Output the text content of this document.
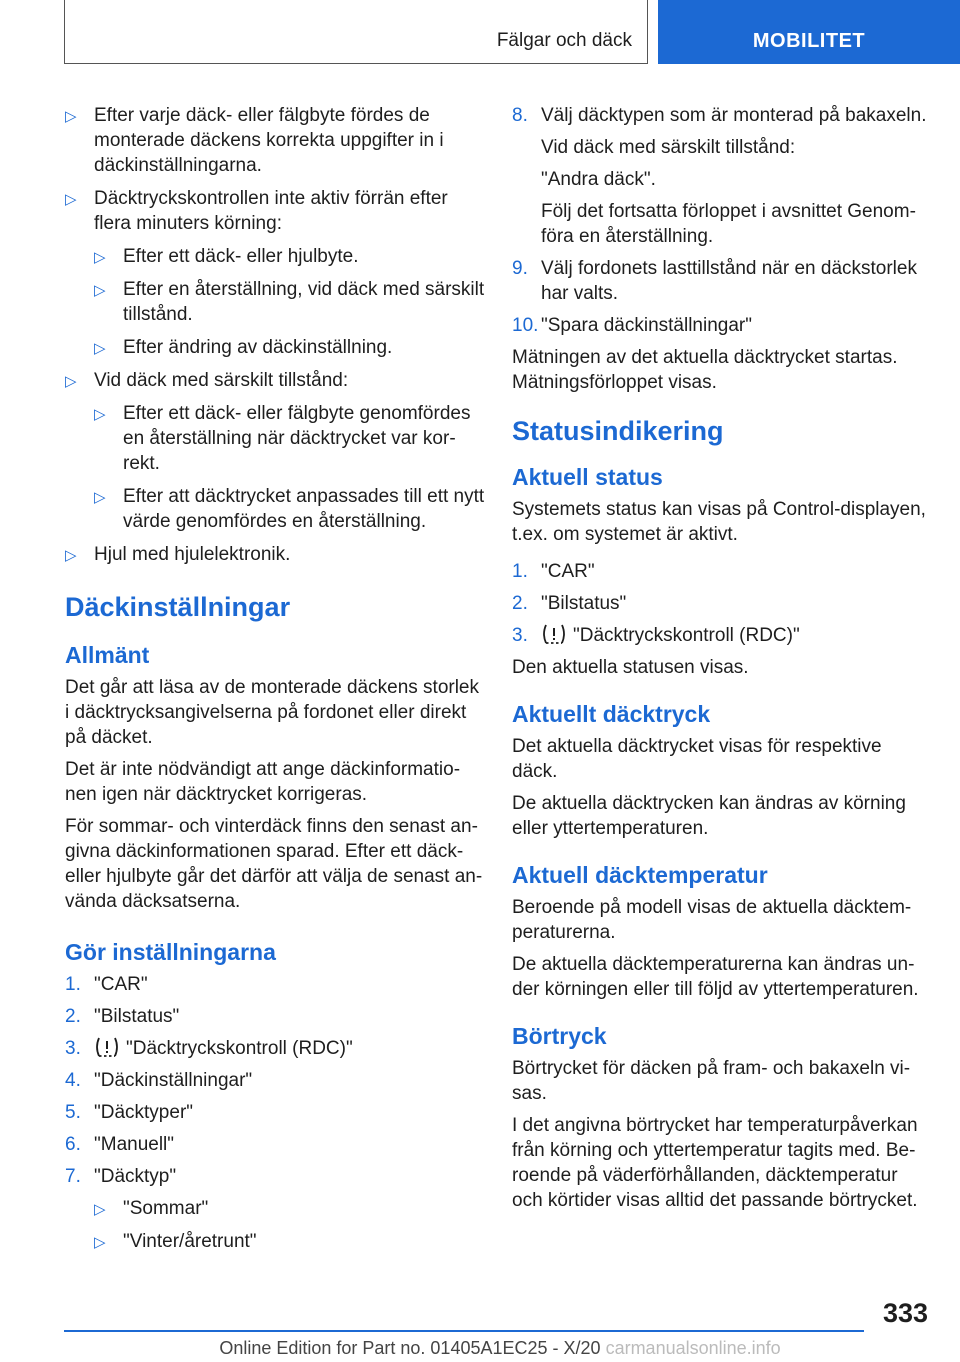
Fälgar och däck	MOBILITET
▷ Efter varje däck- eller fälgbyte fördes de monterade däckens korrekta uppgifter in i däckinställningarna.
▷ Däcktryckskontrollen inte aktiv förrän efter flera minuters körning:
▷ Efter ett däck- eller hjulbyte.
▷ Efter en återställning, vid däck med särskilt tillstånd.
▷ Efter ändring av däckinställning.
▷ Vid däck med särskilt tillstånd:
▷ Efter ett däck- eller fälgbyte genomfördes en återställning när däcktrycket var korrekt.
▷ Efter att däcktrycket anpassades till ett nytt värde genomfördes en återställning.
▷ Hjul med hjulelektronik.
Däckinställningar
Allmänt
Det går att läsa av de monterade däckens storlek i däcktrycksangivelserna på fordonet eller direkt på däcket.
Det är inte nödvändigt att ange däckinformationen igen när däcktrycket korrigeras.
För sommar- och vinterdäck finns den senast angivna däckinformationen sparad. Efter ett däck- eller hjulbyte går det därför att välja de senast använda däcksatserna.
Gör inställningarna
1. "CAR"
2. "Bilstatus"
3. "Däcktryckskontroll (RDC)"
4. "Däckinställningar"
5. "Däcktyper"
6. "Manuell"
7. "Däcktyp"
▷ "Sommar"
▷ "Vinter/åretrunt"
8. Välj däcktypen som är monterad på bakaxeln.
Vid däck med särskilt tillstånd:
"Andra däck".
Följ det fortsatta förloppet i avsnittet Genomföra en återställning.
9. Välj fordonets lasttillstånd när en däckstorlek har valts.
10. "Spara däckinställningar"
Mätningen av det aktuella däcktrycket startas. Mätningsförloppet visas.
Statusindikering
Aktuell status
Systemets status kan visas på Control-displayen, t.ex. om systemet är aktivt.
1. "CAR"
2. "Bilstatus"
3. "Däcktryckskontroll (RDC)"
Den aktuella statusen visas.
Aktuellt däcktryck
Det aktuella däcktrycket visas för respektive däck.
De aktuella däcktrycken kan ändras av körning eller yttertemperaturen.
Aktuell däcktemperatur
Beroende på modell visas de aktuella däcktemperaturerna.
De aktuella däcktemperaturerna kan ändras under körningen eller till följd av yttertemperaturen.
Börtryck
Börtrycket för däcken på fram- och bakaxeln visas.
I det angivna börtrycket har temperaturpåverkan från körning och yttertemperatur tagits med. Beroende på väderförhållanden, däcktemperatur och körtider visas alltid det passande börtrycket.
333
Online Edition for Part no. 01405A1EC25 - X/20 carmanualsonline.info
